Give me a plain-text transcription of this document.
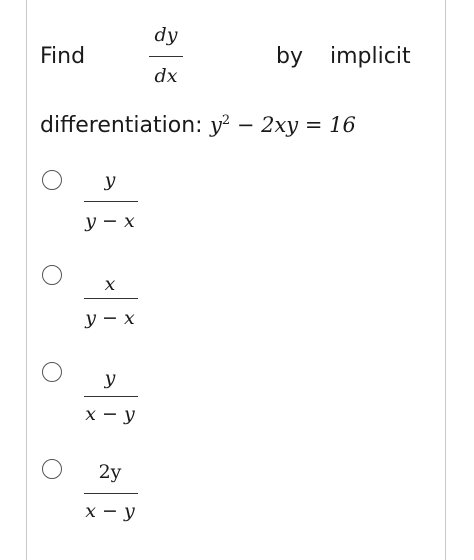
Find
dy
dx
by implicit
differentiation: $y^2 - 2xy = 16$
y
y − x
x
y − x
y
x − y
2y
x − y
